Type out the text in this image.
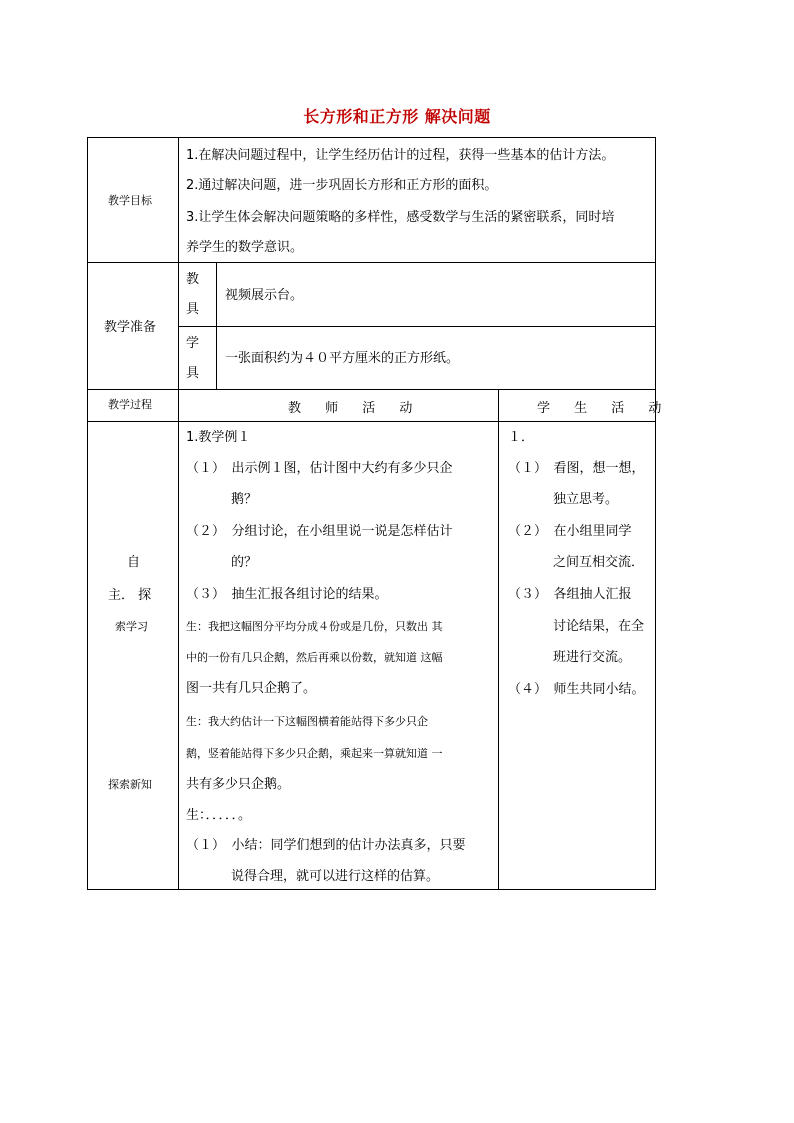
长方形和正方形 解决问题
教学目标
1.在解决问题过程中，让学生经历估计的过程，获得一些基本的估计方法。
2.通过解决问题，进一步巩固长方形和正方形的面积。
3.让学生体会解决问题策略的多样性，感受数学与生活的紧密联系，同时培
养学生的数学意识。
教学准备
教
具
视频展示台。
学
具
一张面积约为４０平方厘米的正方形纸。
教学过程	教 师 活 动	学 生 活 动
自
主． 探
索学习
探索新知
1.教学例１
（１）　出示例１图，估计图中大约有多少只企
鹅？
（２）　分组讨论，在小组里说一说是怎样估计
的？
（３）　抽生汇报各组讨论的结果。
生：我把这幅图分平均分成４份或是几份，只数出 其
中的一份有几只企鹅，然后再乘以份数，就知道 这幅
图一共有几只企鹅了。
生：我大约估计一下这幅图横着能站得下多少只企
鹅，竖着能站得下多少只企鹅，乘起来一算就知道 一
共有多少只企鹅。
生：．．．．．。
（１）　小结：同学们想到的估计办法真多，只要
说得合理，就可以进行这样的估算。
１．
（１）　看图，想一想，
独立思考。
（２）　在小组里同学
之间互相交流．
（３）　各组抽人汇报
讨论结果，在全
班进行交流。
（４）　师生共同小结。
